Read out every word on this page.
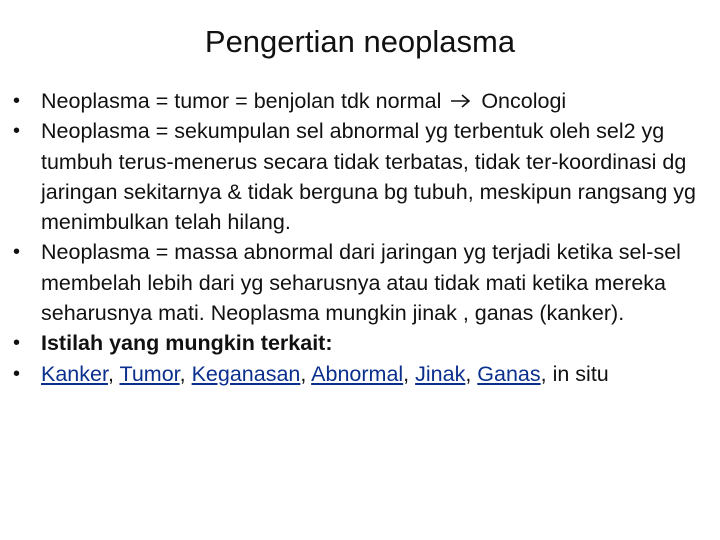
Pengertian neoplasma
• Neoplasma = tumor = benjolan tdk normal Oncologi
• Neoplasma = sekumpulan sel abnormal yg terbentuk oleh sel2 yg tumbuh terus-menerus secara tidak terbatas, tidak ter-koordinasi dg jaringan sekitarnya & tidak berguna bg tubuh, meskipun rangsang yg menimbulkan telah hilang.
• Neoplasma = massa abnormal dari jaringan yg terjadi ketika sel-sel membelah lebih dari yg seharusnya atau tidak mati ketika mereka seharusnya mati. Neoplasma mungkin jinak , ganas (kanker).
• Istilah yang mungkin terkait:
• Kanker, Tumor, Keganasan, Abnormal, Jinak, Ganas, in situ
